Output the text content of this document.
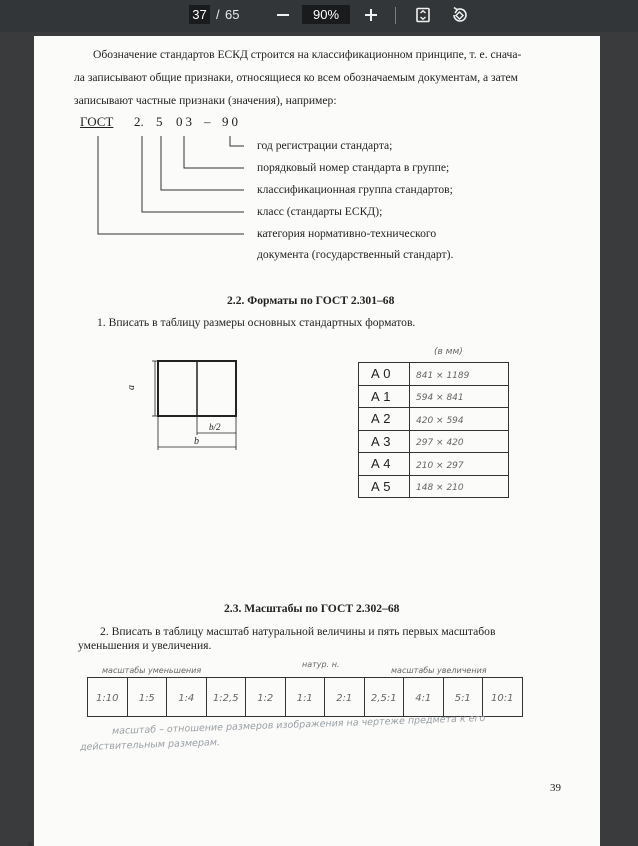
37 / 65	90%
Обозначение стандартов ЕСКД строится на классификационном принципе, т. е. снача-
ла записывают общие признаки, относящиеся ко всем обозначаемым документам, а затем
записывают частные признаки (значения), например:
ГОСТ 2. 5 03 – 90
год регистрации стандарта;
порядковый номер стандарта в группе;
классификационная группа стандартов;
класс (стандарты ЕСКД);
категория нормативно-технического
документа (государственный стандарт).
2.2. Форматы по ГОСТ 2.301–68
1. Вписать в таблицу размеры основных стандартных форматов.
a
b/2
b
(в мм)
А 0	841 × 1189
А 1	594 × 841
А 2	420 × 594
А 3	297 × 420
А 4	210 × 297
А 5	148 × 210
2.3. Масштабы по ГОСТ 2.302–68
2. Вписать в таблицу масштаб натуральной величины и пять первых масштабов
уменьшения и увеличения.
масштабы уменьшения
натур. н.
масштабы увеличения
1:10	1:5	1:4	1:2,5	1:2	1:1	2:1	2,5:1	4:1	5:1	10:1
масштаб – отношение размеров изображения на чертеже предмета к его
действительным размерам.
39
